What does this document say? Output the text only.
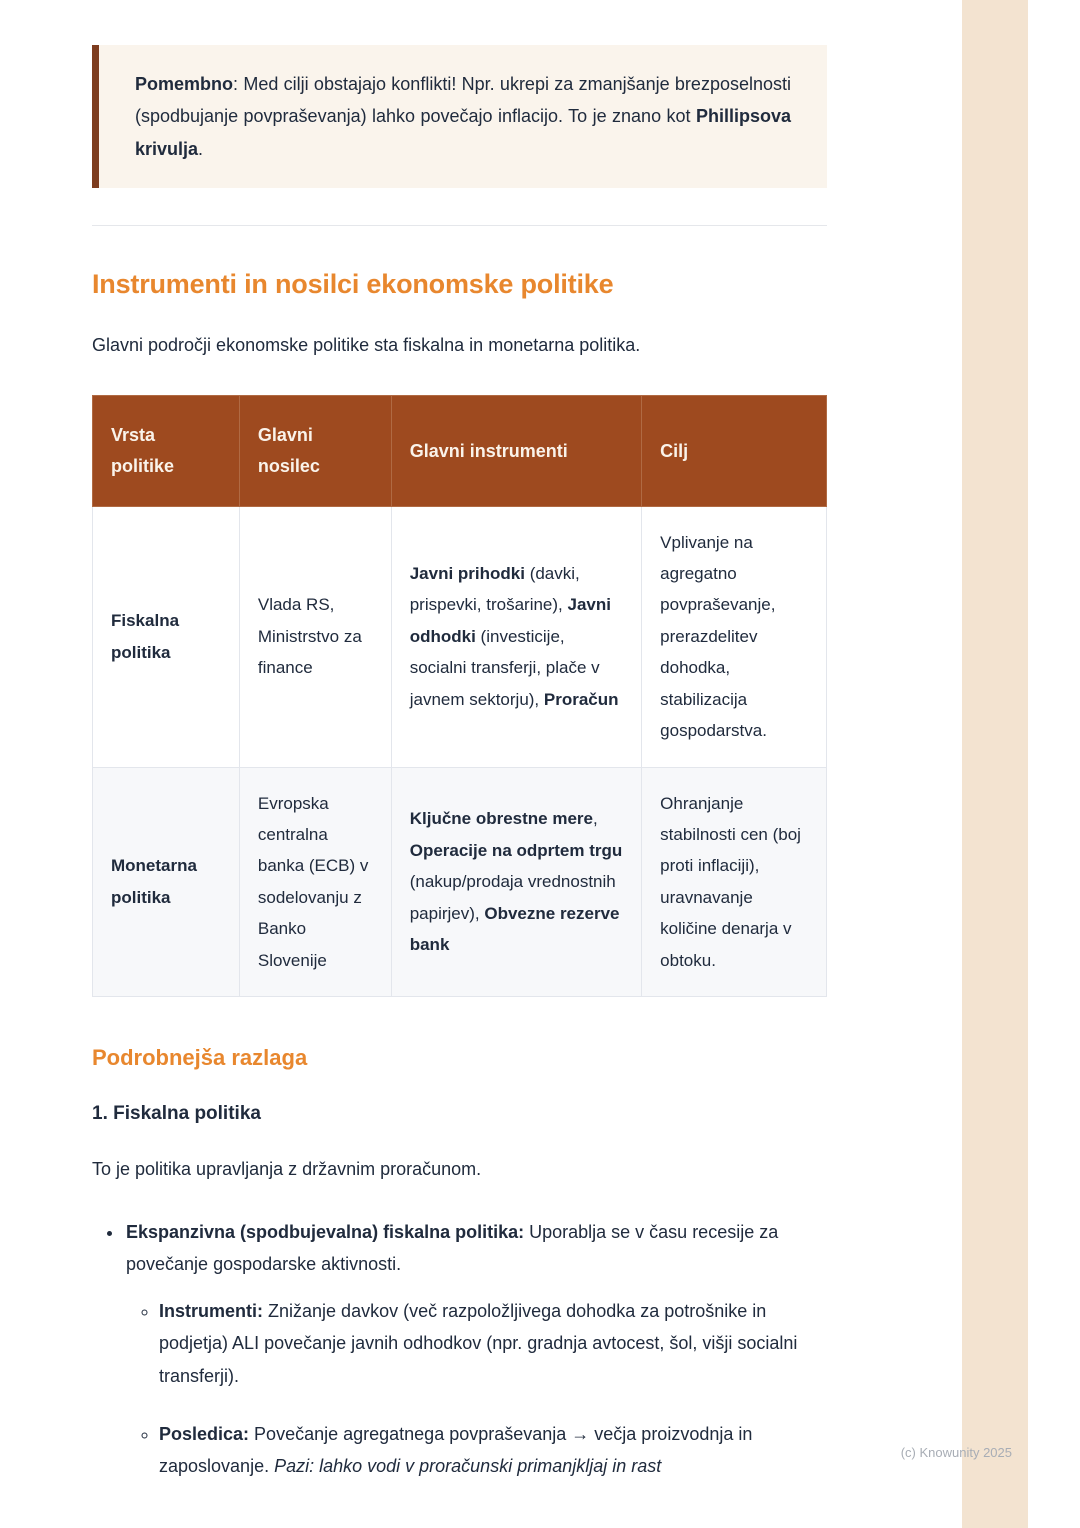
Pomembno: Med cilji obstajajo konflikti! Npr. ukrepi za zmanjšanje brezposelnosti (spodbujanje povpraševanja) lahko povečajo inflacijo. To je znano kot Phillipsova krivulja.

Instrumenti in nosilci ekonomske politike

Glavni področji ekonomske politike sta fiskalna in monetarna politika.

Vrsta politike	Glavni nosilec	Glavni instrumenti	Cilj
Fiskalna politika	Vlada RS, Ministrstvo za finance	Javni prihodki (davki, prispevki, trošarine), Javni odhodki (investicije, socialni transferji, plače v javnem sektorju), Proračun	Vplivanje na agregatno povpraševanje, prerazdelitev dohodka, stabilizacija gospodarstva.
Monetarna politika	Evropska centralna banka (ECB) v sodelovanju z Banko Slovenije	Ključne obrestne mere, Operacije na odprtem trgu (nakup/prodaja vrednostnih papirjev), Obvezne rezerve bank	Ohranjanje stabilnosti cen (boj proti inflaciji), uravnavanje količine denarja v obtoku.
Podrobnejša razlaga
1. Fiskalna politika

To je politika upravljanja z državnim proračunom.

• Ekspanzivna (spodbujevalna) fiskalna politika: Uporablja se v času recesije za povečanje gospodarske aktivnosti.
◦ Instrumenti: Znižanje davkov (več razpoložljivega dohodka za potrošnike in podjetja) ALI povečanje javnih odhodkov (npr. gradnja avtocest, šol, višji socialni transferji).
◦ Posledica: Povečanje agregatnega povpraševanja → večja proizvodnja in zaposlovanje. Pazi: lahko vodi v proračunski primanjkljaj in rast
(c) Knowunity 2025
